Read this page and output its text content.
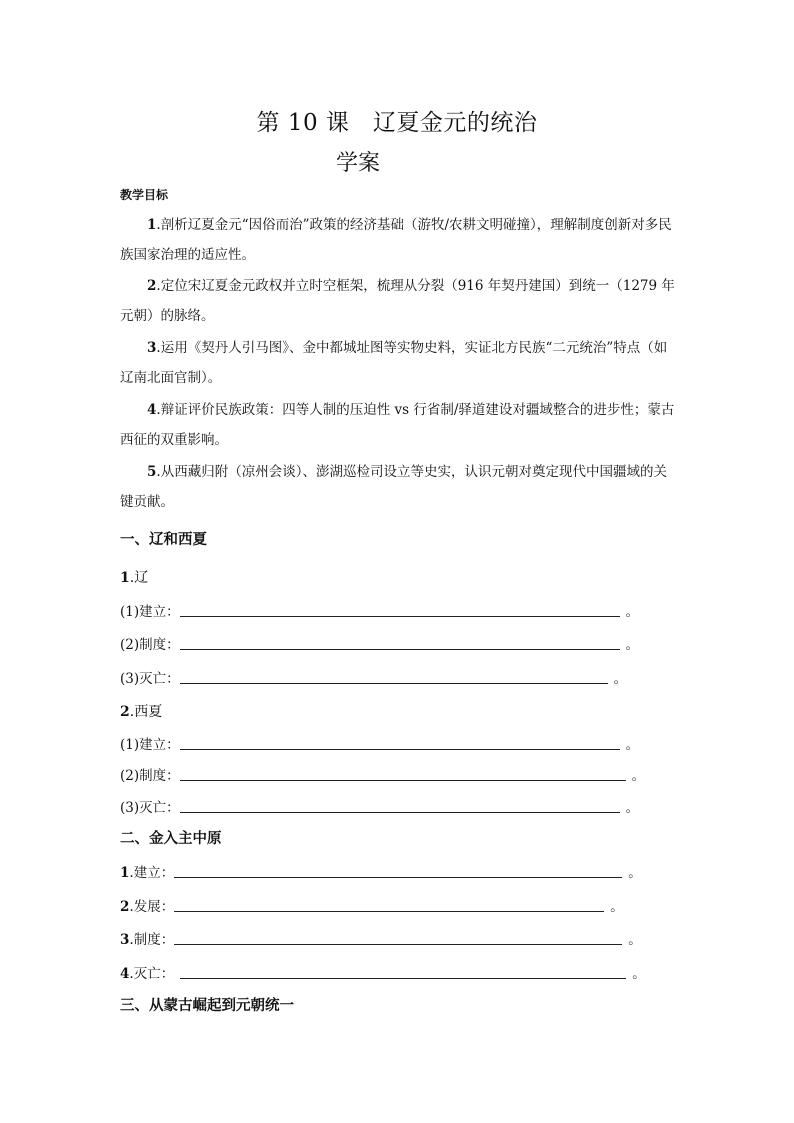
第 10 课　辽夏金元的统治
学案
教学目标
1.剖析辽夏金元“因俗而治”政策的经济基础（游牧/农耕文明碰撞），理解制度创新对多民族国家治理的适应性。
2.定位宋辽夏金元政权并立时空框架，梳理从分裂（916 年契丹建国）到统一（1279 年元朝）的脉络。
3.运用《契丹人引马图》、金中都城址图等实物史料，实证北方民族“二元统治”特点（如辽南北面官制）。
4.辩证评价民族政策：四等人制的压迫性 vs 行省制/驿道建设对疆域整合的进步性；蒙古西征的双重影响。
5.从西藏归附（凉州会谈）、澎湖巡检司设立等史实，认识元朝对奠定现代中国疆域的关键贡献。
一、辽和西夏
1.辽
(1)建立：	。
(2)制度：	。
(3)灭亡：	。
2.西夏
(1)建立：	。
(2)制度：	。
(3)灭亡：	。
二、金入主中原
1.建立：	。
2.发展：	。
3.制度：	。
4.灭亡：	。
三、从蒙古崛起到元朝统一
